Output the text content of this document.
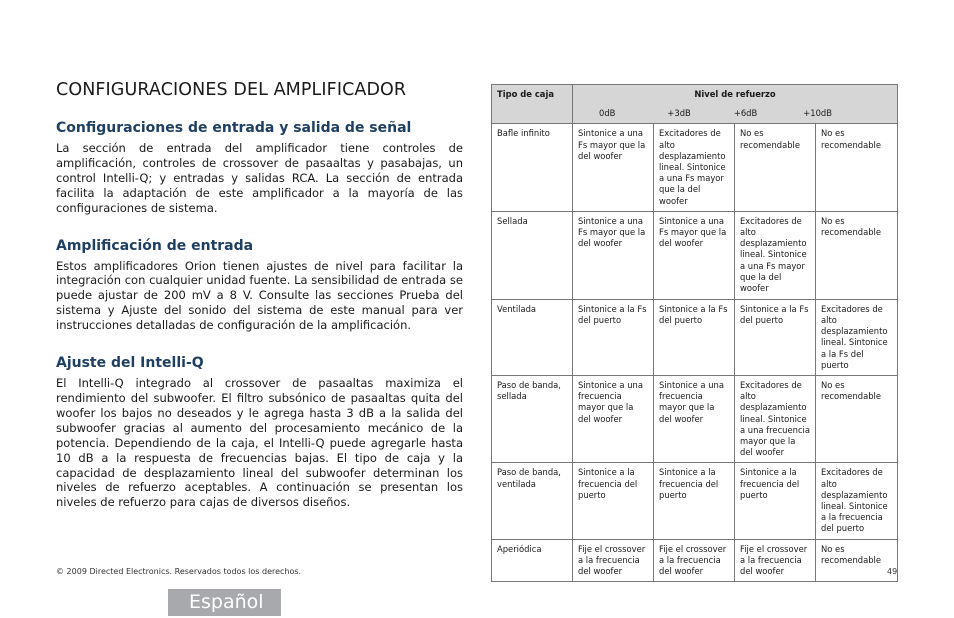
CONFIGURACIONES DEL AMPLIFICADOR
Configuraciones de entrada y salida de señal

La sección de entrada del amplificador tiene controles de amplificación, controles de crossover de pasaaltas y pasabajas, un control Intelli-Q; y entradas y salidas RCA. La sección de entrada facilita la adaptación de este amplificador a la mayoría de las configuraciones de sistema.

Amplificación de entrada

Estos amplificadores Orion tienen ajustes de nivel para facilitar la integración con cualquier unidad fuente. La sensibilidad de entrada se puede ajustar de 200 mV a 8 V. Consulte las secciones Prueba del sistema y Ajuste del sonido del sistema de este manual para ver instrucciones detalladas de configuración de la amplificación.

Ajuste del Intelli-Q

El Intelli-Q integrado al crossover de pasaaltas maximiza el rendimiento del subwoofer. El filtro subsónico de pasaaltas quita del woofer los bajos no deseados y le agrega hasta 3 dB a la salida del subwoofer gracias al aumento del procesamiento mecánico de la potencia. Dependiendo de la caja, el Intelli-Q puede agregarle hasta 10 dB a la respuesta de frecuencias bajas. El tipo de caja y la capacidad de desplazamiento lineal del subwoofer determinan los niveles de refuerzo aceptables. A continuación se presentan los niveles de refuerzo para cajas de diversos diseños.

Tipo de caja	Nivel de refuerzo
0dB +3dB +6dB +10dB			

Bafle infinito	Sintonice a una Fs mayor que la del woofer	Excitadores de alto desplazamiento lineal. Sintonice a una Fs mayor que la del woofer	No es recomendable	No es recomendable
Sellada	Sintonice a una Fs mayor que la del woofer	Sintonice a una Fs mayor que la del woofer	Excitadores de alto desplazamiento lineal. Sintonice a una Fs mayor que la del woofer	No es recomendable
Ventilada	Sintonice a la Fs del puerto	Sintonice a la Fs del puerto	Sintonice a la Fs del puerto	Excitadores de alto desplazamiento lineal. Sintonice a la Fs del puerto
Paso de banda, sellada	Sintonice a una frecuencia mayor que la del woofer	Sintonice a una frecuencia mayor que la del woofer	Excitadores de alto desplazamiento lineal. Sintonice a una frecuencia mayor que la del woofer	No es recomendable
Paso de banda, ventilada	Sintonice a la frecuencia del puerto	Sintonice a la frecuencia del puerto	Sintonice a la frecuencia del puerto	Excitadores de alto desplazamiento lineal. Sintonice a la frecuencia del puerto
Aperiódica	Fije el crossover a la frecuencia del woofer	Fije el crossover a la frecuencia del woofer	Fije el crossover a la frecuencia del woofer	No es recomendable
© 2009 Directed Electronics. Reservados todos los derechos.	49
Español
